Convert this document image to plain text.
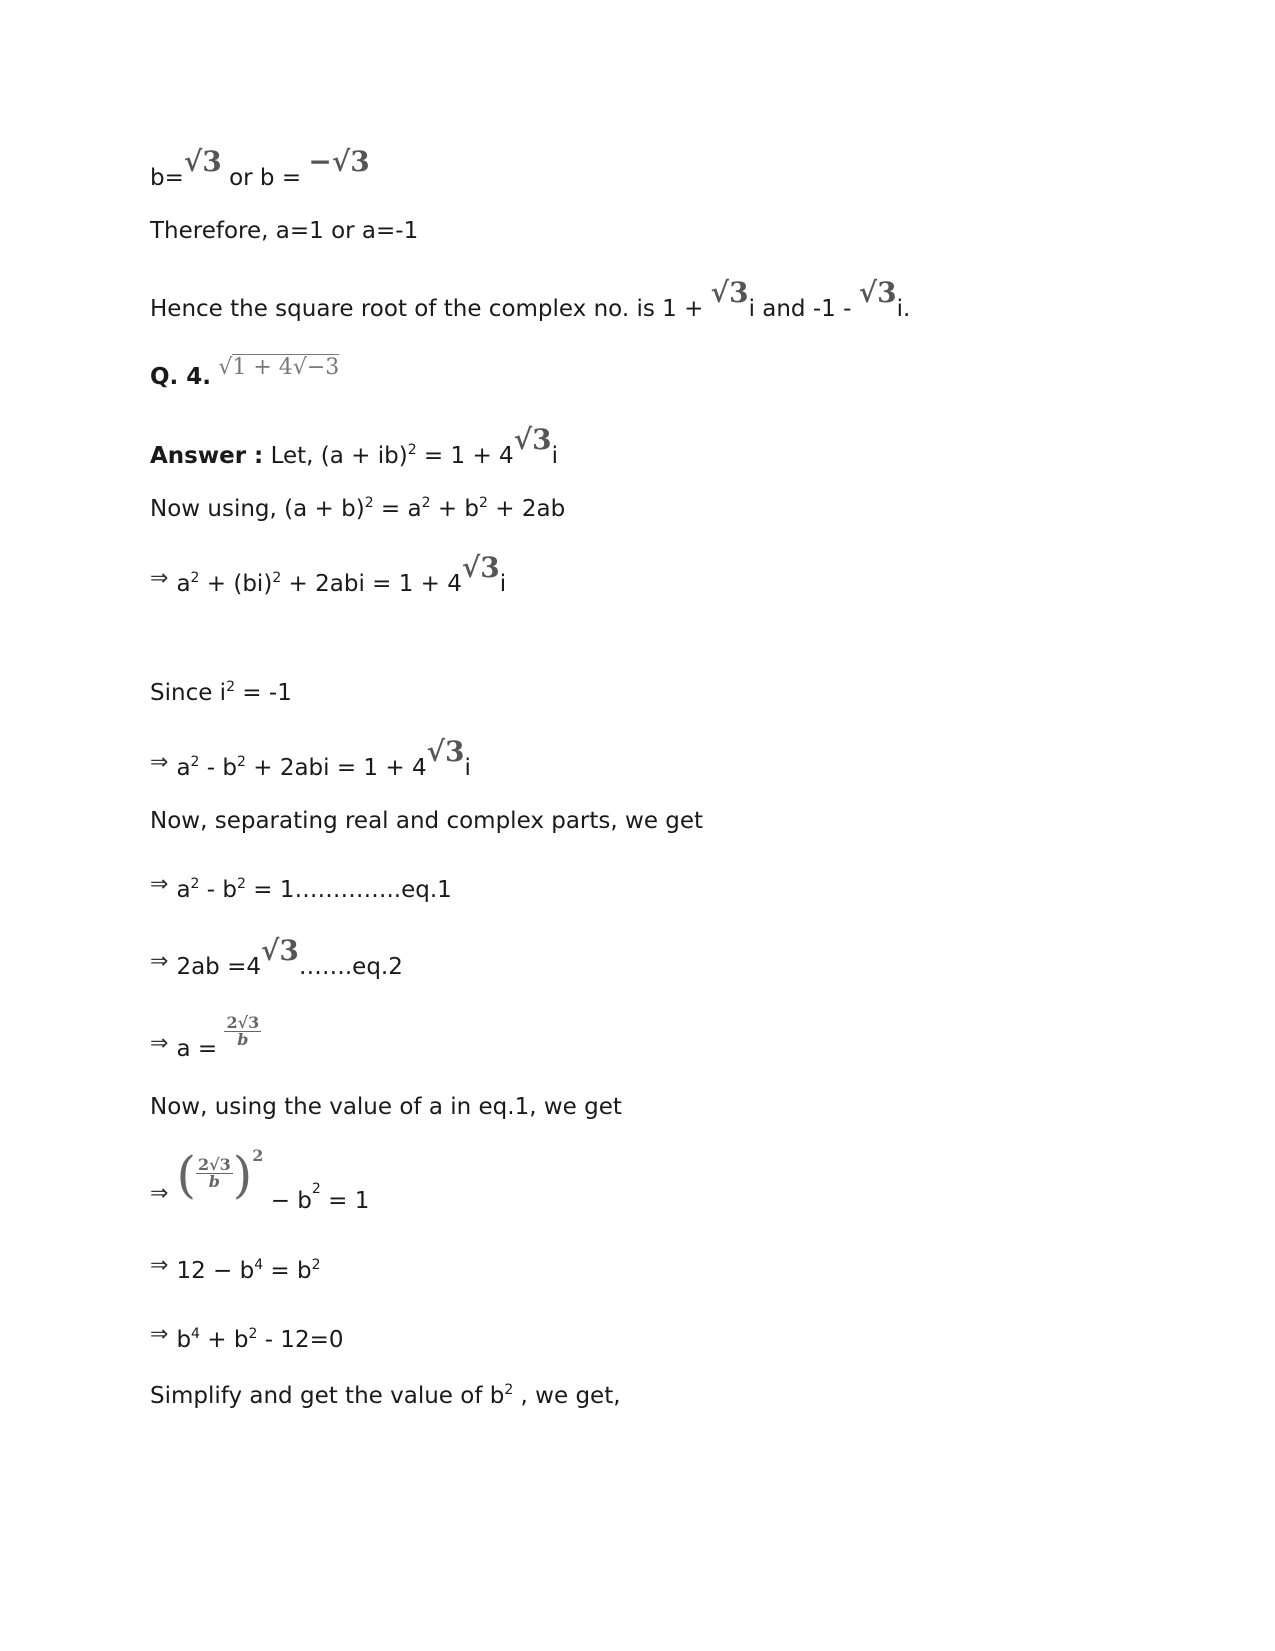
b=√3 or b = −√3
Therefore, a=1 or a=-1
Hence the square root of the complex no. is 1 + √3i and -1 - √3i.
Q. 4. √1 + 4√−3
Answer : Let, (a + ib)$^2$ = 1 + 4√3i
Now using, $(a + b)^2 = a^2 + b^2 + 2ab$
⇒ $a^2 + (bi)^2 + 2abi = 1 + 4√3i$
Since $i^2 = -1$
⇒ $a^2 - b^2 + 2abi = 1 + 4√3i$
Now, separating real and complex parts, we get
⇒ $a^2 - b^2$ = 1…………..eq.1
⇒ 2ab =4√3…….eq.2
⇒ a =
$\frac{2√3}{b}$
Now, using the value of a in eq.1, we get
⇒ ( $\frac{2√3}{b} )^2 - b^2 = 1$
⇒ $12 - b^4 = b^2$
⇒ $b^4 + b^2 - 12=0$
Simplify and get the value of $b^2$ , we get,
